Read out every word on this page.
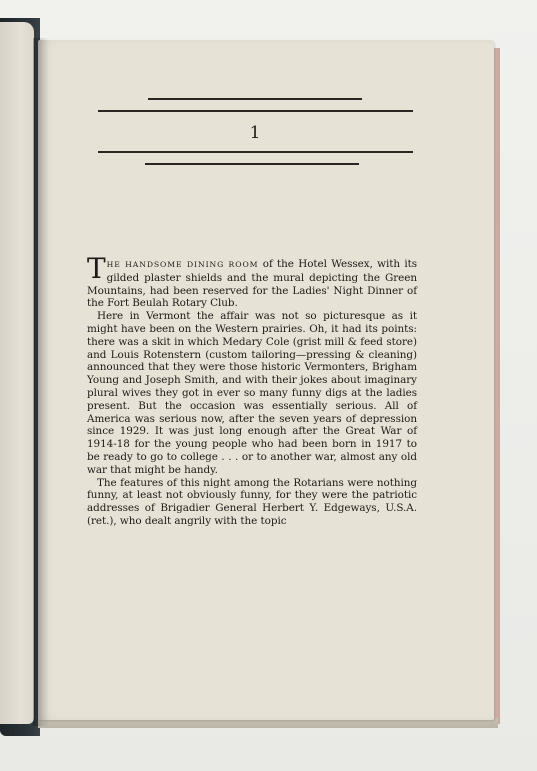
1

THE HANDSOME DINING ROOM of the Hotel Wessex, with its gilded plaster shields and the mural depicting the Green Mountains, had been reserved for the Ladies' Night Dinner of the Fort Beulah Rotary Club.

Here in Vermont the affair was not so picturesque as it might have been on the Western prairies. Oh, it had its points: there was a skit in which Medary Cole (grist mill & feed store) and Louis Rotenstern (custom tailoring—pressing & cleaning) announced that they were those historic Vermonters, Brigham Young and Joseph Smith, and with their jokes about imaginary plural wives they got in ever so many funny digs at the ladies present. But the occasion was essentially serious. All of America was serious now, after the seven years of depression since 1929. It was just long enough after the Great War of 1914-18 for the young people who had been born in 1917 to be ready to go to college . . . or to another war, almost any old war that might be handy.

The features of this night among the Rotarians were nothing funny, at least not obviously funny, for they were the patriotic addresses of Brigadier General Herbert Y. Edgeways, U.S.A. (ret.), who dealt angrily with the topic
